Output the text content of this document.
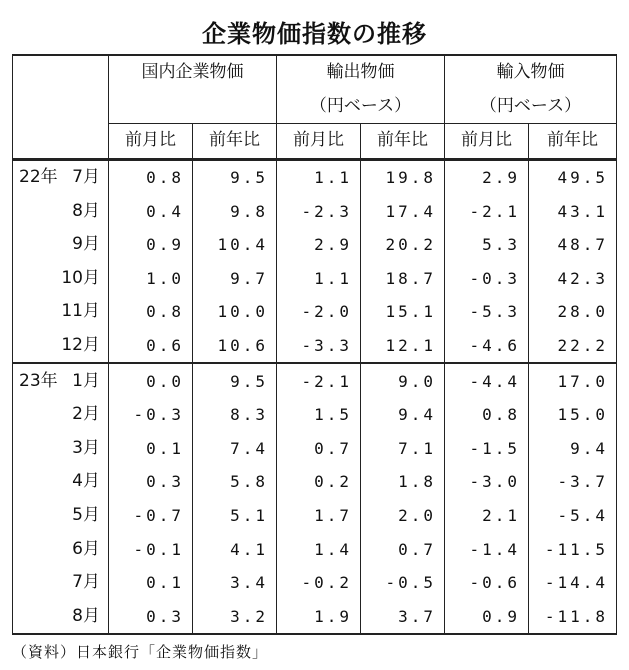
企業物価指数の推移
	国内企業物価		輸出物価		輸入物価	
			（円ベース）		（円ベース）	
	前月比	前年比	前月比	前年比	前月比	前年比

22年 7月	0.8	9.5	1.1	19.8	2.9	49.5

8月	0.4	9.8	-2.3	17.4	-2.1	43.1

9月	0.9	10.4	2.9	20.2	5.3	48.7

10月	1.0	9.7	1.1	18.7	-0.3	42.3

11月	0.8	10.0	-2.0	15.1	-5.3	28.0

12月	0.6	10.6	-3.3	12.1	-4.6	22.2

23年 1月	0.0	9.5	-2.1	9.0	-4.4	17.0

2月	-0.3	8.3	1.5	9.4	0.8	15.0

3月	0.1	7.4	0.7	7.1	-1.5	9.4

4月	0.3	5.8	0.2	1.8	-3.0	-3.7

5月	-0.7	5.1	1.7	2.0	2.1	-5.4

6月	-0.1	4.1	1.4	0.7	-1.4	-11.5

7月	0.1	3.4	-0.2	-0.5	-0.6	-14.4

8月	0.3	3.2	1.9	3.7	0.9	-11.8
（資料）日本銀行「企業物価指数」
